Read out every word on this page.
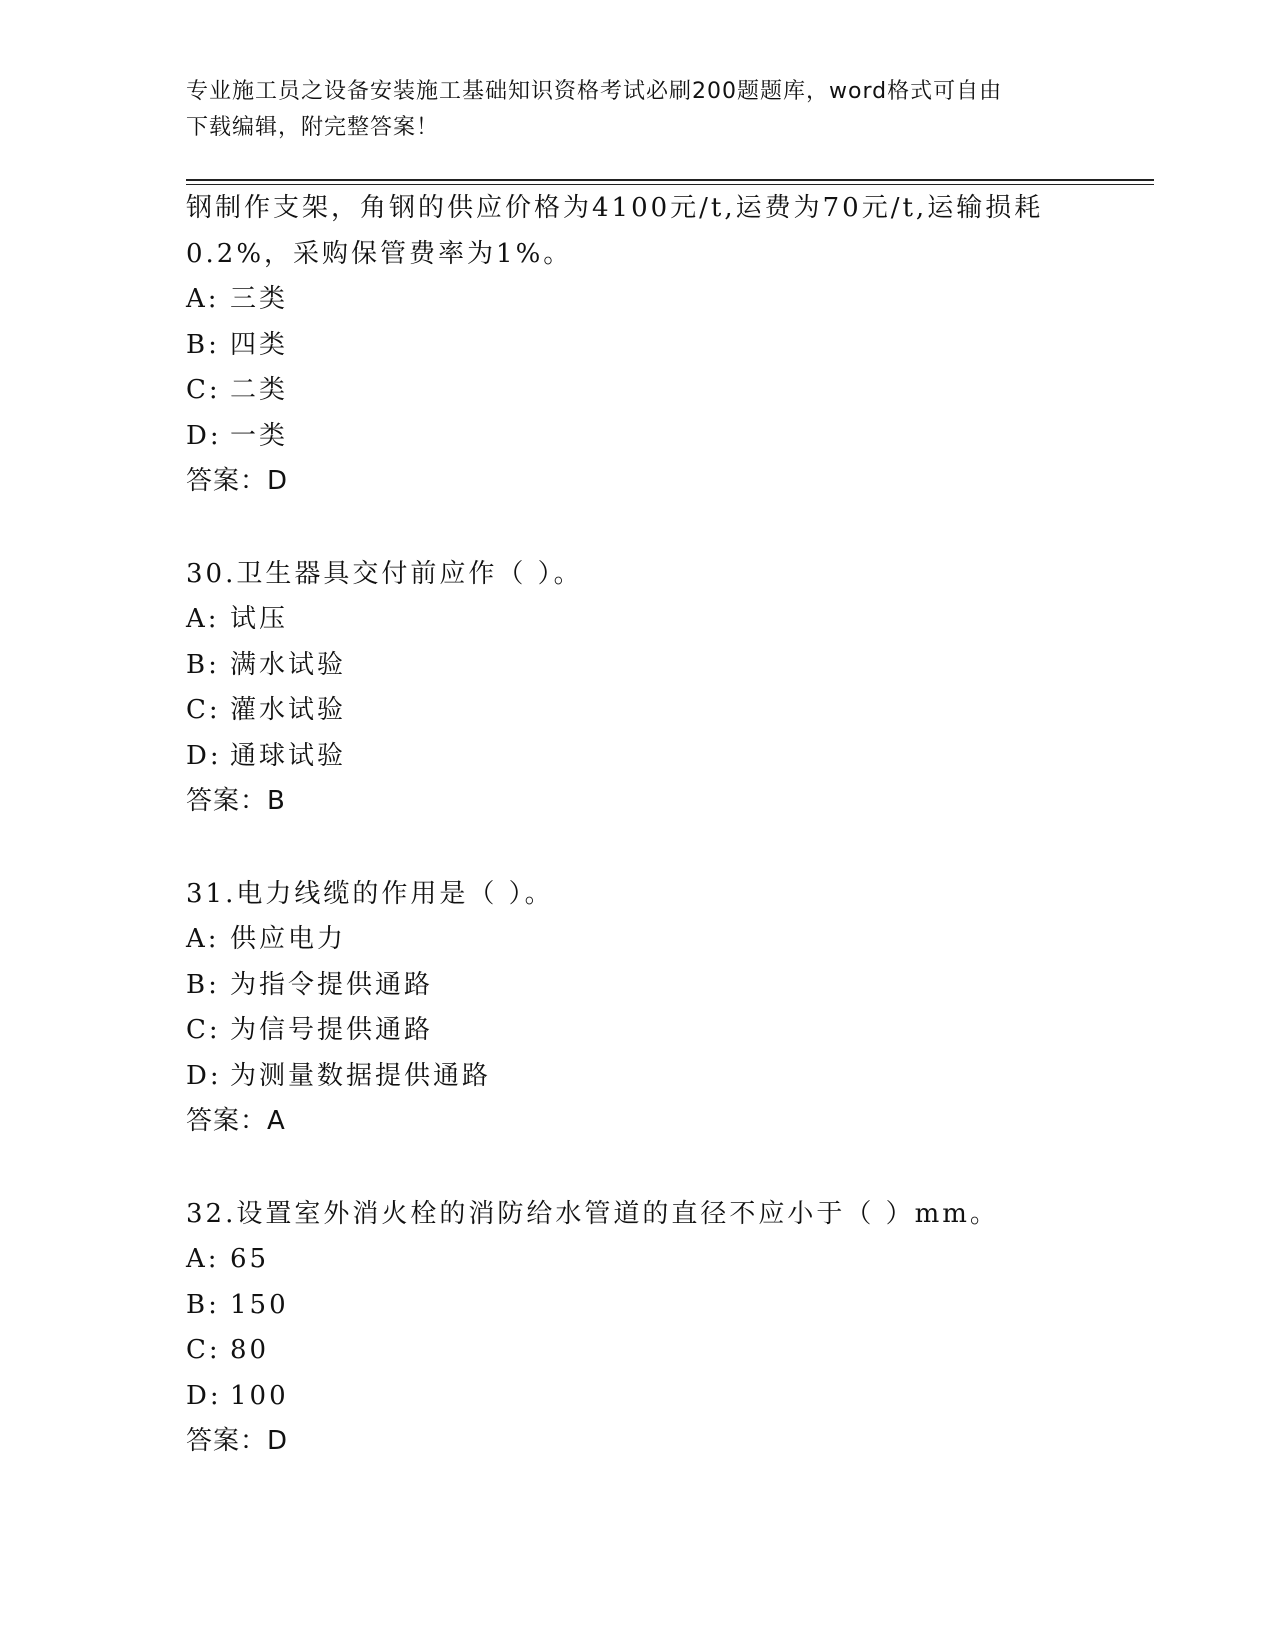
专业施工员之设备安装施工基础知识资格考试必刷200题题库，word格式可自由
下载编辑，附完整答案！
钢制作支架，角钢的供应价格为4100元/t,运费为70元/t,运输损耗
0.2%，采购保管费率为1%。
A: 三类
B: 四类
C: 二类
D: 一类
答案：D
30.卫生器具交付前应作（ ）。
A: 试压
B: 满水试验
C: 灌水试验
D: 通球试验
答案：B
31.电力线缆的作用是（ ）。
A: 供应电力
B: 为指令提供通路
C: 为信号提供通路
D: 为测量数据提供通路
答案：A
32.设置室外消火栓的消防给水管道的直径不应小于（ ）mm。
A: 65
B: 150
C: 80
D: 100
答案：D
